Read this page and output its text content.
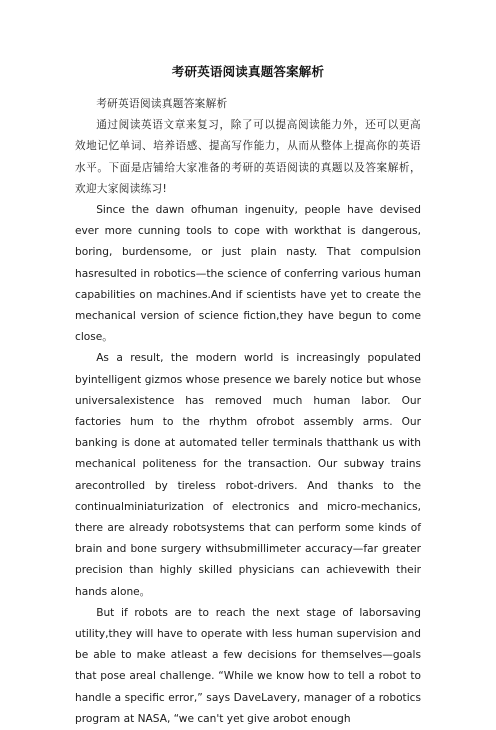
考研英语阅读真题答案解析

考研英语阅读真题答案解析

通过阅读英语文章来复习，除了可以提高阅读能力外，还可以更高效地记忆单词、培养语感、提高写作能力，从而从整体上提高你的英语水平。下面是店铺给大家准备的考研的英语阅读的真题以及答案解析，欢迎大家阅读练习!

Since the dawn ofhuman ingenuity, people have devised ever more cunning tools to cope with workthat is dangerous, boring, burdensome, or just plain nasty. That compulsion hasresulted in robotics—the science of conferring various human capabilities on machines.And if scientists have yet to create the mechanical version of science fiction,they have begun to come close。

As a result, the modern world is increasingly populated byintelligent gizmos whose presence we barely notice but whose universalexistence has removed much human labor. Our factories hum to the rhythm ofrobot assembly arms. Our banking is done at automated teller terminals thatthank us with mechanical politeness for the transaction. Our subway trains arecontrolled by tireless robot-drivers. And thanks to the continualminiaturization of electronics and micro-mechanics, there are already robotsystems that can perform some kinds of brain and bone surgery withsubmillimeter accuracy—far greater precision than highly skilled physicians can achievewith their hands alone。

But if robots are to reach the next stage of laborsaving utility,they will have to operate with less human supervision and be able to make atleast a few decisions for themselves—goals that pose areal challenge. “While we know how to tell a robot to handle a specific error,” says DaveLavery, manager of a robotics program at NASA, “we can't yet give arobot enough
